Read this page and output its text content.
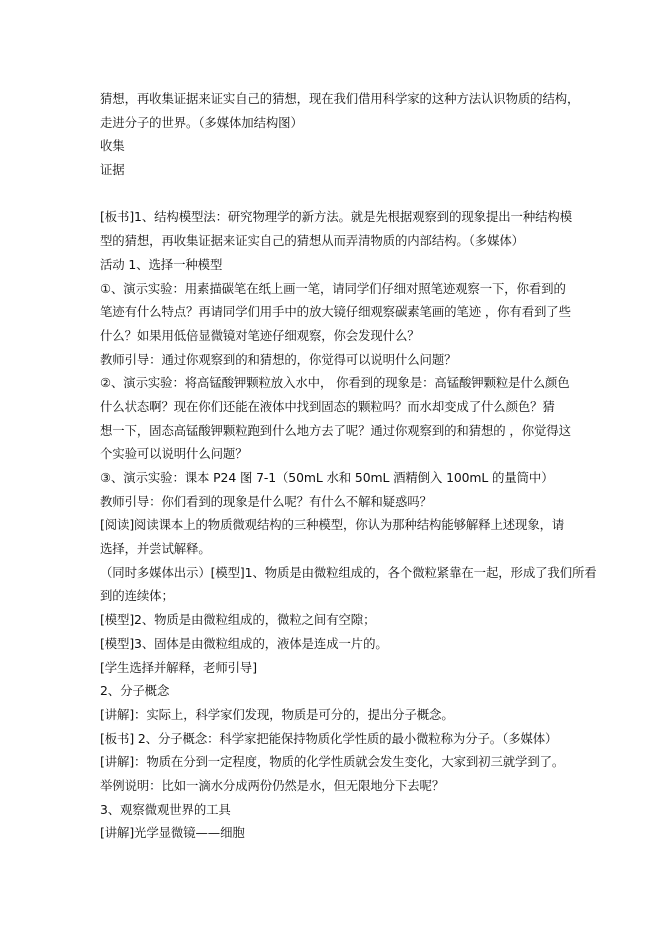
猜想，再收集证据来证实自己的猜想，现在我们借用科学家的这种方法认识物质的结构，
走进分子的世界。（多媒体加结构图）
收集
证据
[板书]1、结构模型法：研究物理学的新方法。就是先根据观察到的现象提出一种结构模
型的猜想，再收集证据来证实自己的猜想从而弄清物质的内部结构。（多媒体）
活动 1、选择一种模型
①、演示实验：用素描碳笔在纸上画一笔，请同学们仔细对照笔迹观察一下，你看到的
笔迹有什么特点？再请同学们用手中的放大镜仔细观察碳素笔画的笔迹 ，你有看到了些
什么？如果用低倍显微镜对笔迹仔细观察，你会发现什么？
教师引导：通过你观察到的和猜想的，你觉得可以说明什么问题？
②、演示实验：将高锰酸钾颗粒放入水中， 你看到的现象是：高锰酸钾颗粒是什么颜色
什么状态啊？现在你们还能在液体中找到固态的颗粒吗？而水却变成了什么颜色？猜
想一下，固态高锰酸钾颗粒跑到什么地方去了呢？通过你观察到的和猜想的 ，你觉得这
个实验可以说明什么问题？
③、演示实验：课本 P24 图 7-1（50mL 水和 50mL 酒精倒入 100mL 的量筒中）
教师引导：你们看到的现象是什么呢？有什么不解和疑惑吗？
[阅读]阅读课本上的物质微观结构的三种模型，你认为那种结构能够解释上述现象，请
选择，并尝试解释。
（同时多媒体出示）[模型]1、物质是由微粒组成的，各个微粒紧靠在一起，形成了我们所看
到的连续体；
[模型]2、物质是由微粒组成的，微粒之间有空隙；
[模型]3、固体是由微粒组成的，液体是连成一片的。
[学生选择并解释，老师引导]
2、分子概念
[讲解]：实际上，科学家们发现，物质是可分的，提出分子概念。
[板书] 2、分子概念：科学家把能保持物质化学性质的最小微粒称为分子。（多媒体）
[讲解]：物质在分到一定程度，物质的化学性质就会发生变化，大家到初三就学到了。
举例说明：比如一滴水分成两份仍然是水，但无限地分下去呢？
3、观察微观世界的工具
[讲解]光学显微镜——细胞
